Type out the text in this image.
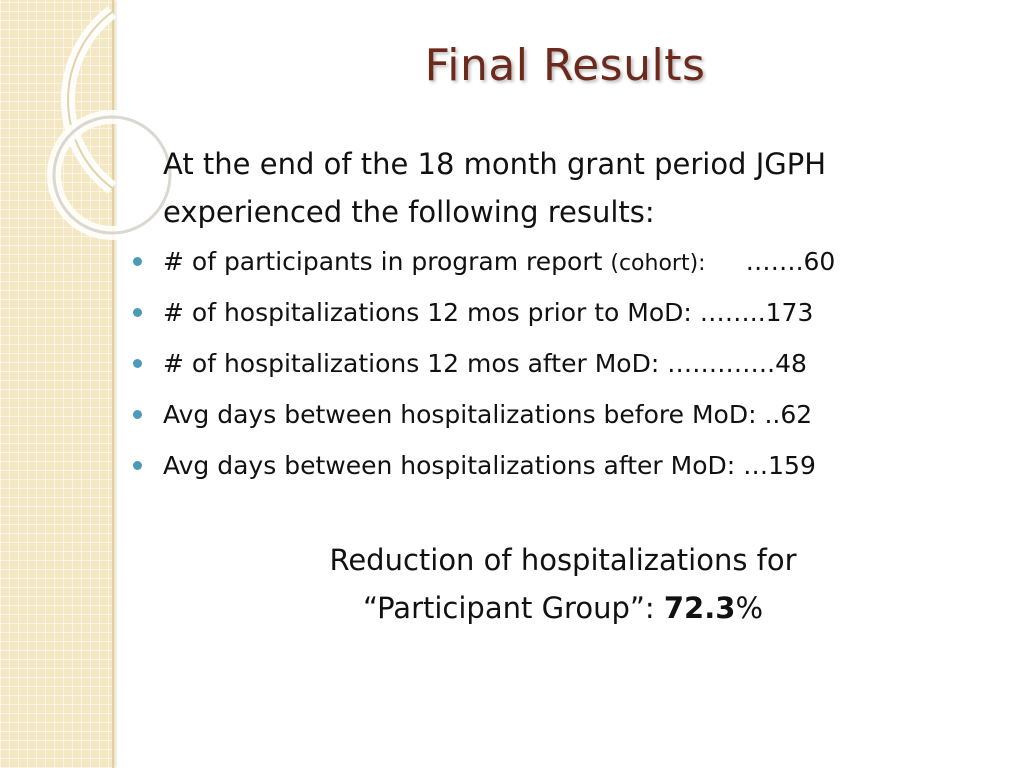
Final Results
At the end of the 18 month grant period JGPH
experienced the following results:
# of participants in program report (cohort): …….60
# of hospitalizations 12 mos prior to MoD: ……..173
# of hospitalizations 12 mos after MoD: ………….48
Avg days between hospitalizations before MoD: ..62
Avg days between hospitalizations after MoD: …159
Reduction of hospitalizations for
“Participant Group”: 72.3%
